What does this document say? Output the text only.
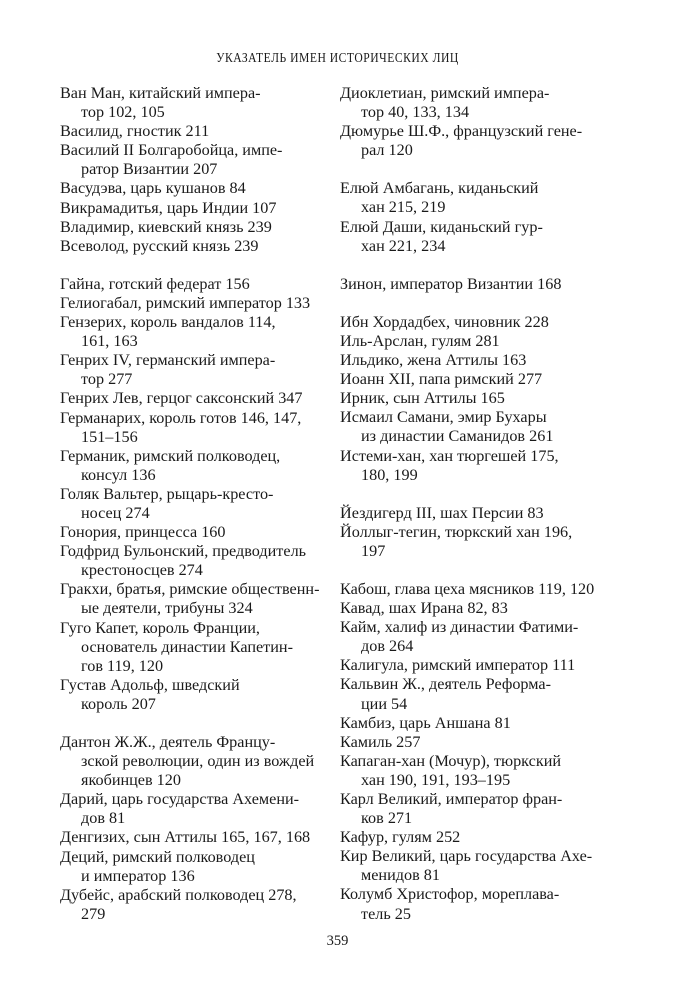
УКАЗАТЕЛЬ ИМЕН ИСТОРИЧЕСКИХ ЛИЦ
Ван Ман, китайский импера-
тор 102, 105
Василид, гностик 211
Василий II Болгаробойца, импе-
ратор Византии 207
Васудэва, царь кушанов 84
Викрамадитья, царь Индии 107
Владимир, киевский князь 239
Всеволод, русский князь 239
Гайна, готский федерат 156
Гелиогабал, римский император 133
Гензерих, король вандалов 114,
161, 163
Генрих IV, германский импера-
тор 277
Генрих Лев, герцог саксонский 347
Германарих, король готов 146, 147,
151–156
Германик, римский полководец,
консул 136
Голяк Вальтер, рыцарь-кресто-
носец 274
Гонория, принцесса 160
Годфрид Бульонский, предводитель
крестоносцев 274
Гракхи, братья, римские общественн-
ые деятели, трибуны 324
Гуго Капет, король Франции,
основатель династии Капетин-
гов 119, 120
Густав Адольф, шведский
король 207
Дантон Ж.Ж., деятель Францу-
зской революции, один из вождей
якобинцев 120
Дарий, царь государства Ахемени-
дов 81
Денгизих, сын Аттилы 165, 167, 168
Деций, римский полководец
и император 136
Дубейс, арабский полководец 278,
279
Диоклетиан, римский импера-
тор 40, 133, 134
Дюмурье Ш.Ф., французский гене-
рал 120
Елюй Амбагань, киданьский
хан 215, 219
Елюй Даши, киданьский гур-
хан 221, 234
Зинон, император Византии 168
Ибн Хордадбех, чиновник 228
Иль-Арслан, гулям 281
Ильдико, жена Аттилы 163
Иоанн XII, папа римский 277
Ирник, сын Аттилы 165
Исмаил Самани, эмир Бухары
из династии Саманидов 261
Истеми-хан, хан тюргешей 175,
180, 199
Йездигерд III, шах Персии 83
Йоллыг-тегин, тюркский хан 196,
197
Кабош, глава цеха мясников 119, 120
Кавад, шах Ирана 82, 83
Кайм, халиф из династии Фатими-
дов 264
Калигула, римский император 111
Кальвин Ж., деятель Реформа-
ции 54
Камбиз, царь Аншана 81
Камиль 257
Капаган-хан (Мочур), тюркский
хан 190, 191, 193–195
Карл Великий, император фран-
ков 271
Кафур, гулям 252
Кир Великий, царь государства Ахе-
менидов 81
Колумб Христофор, мореплава-
тель 25
359
